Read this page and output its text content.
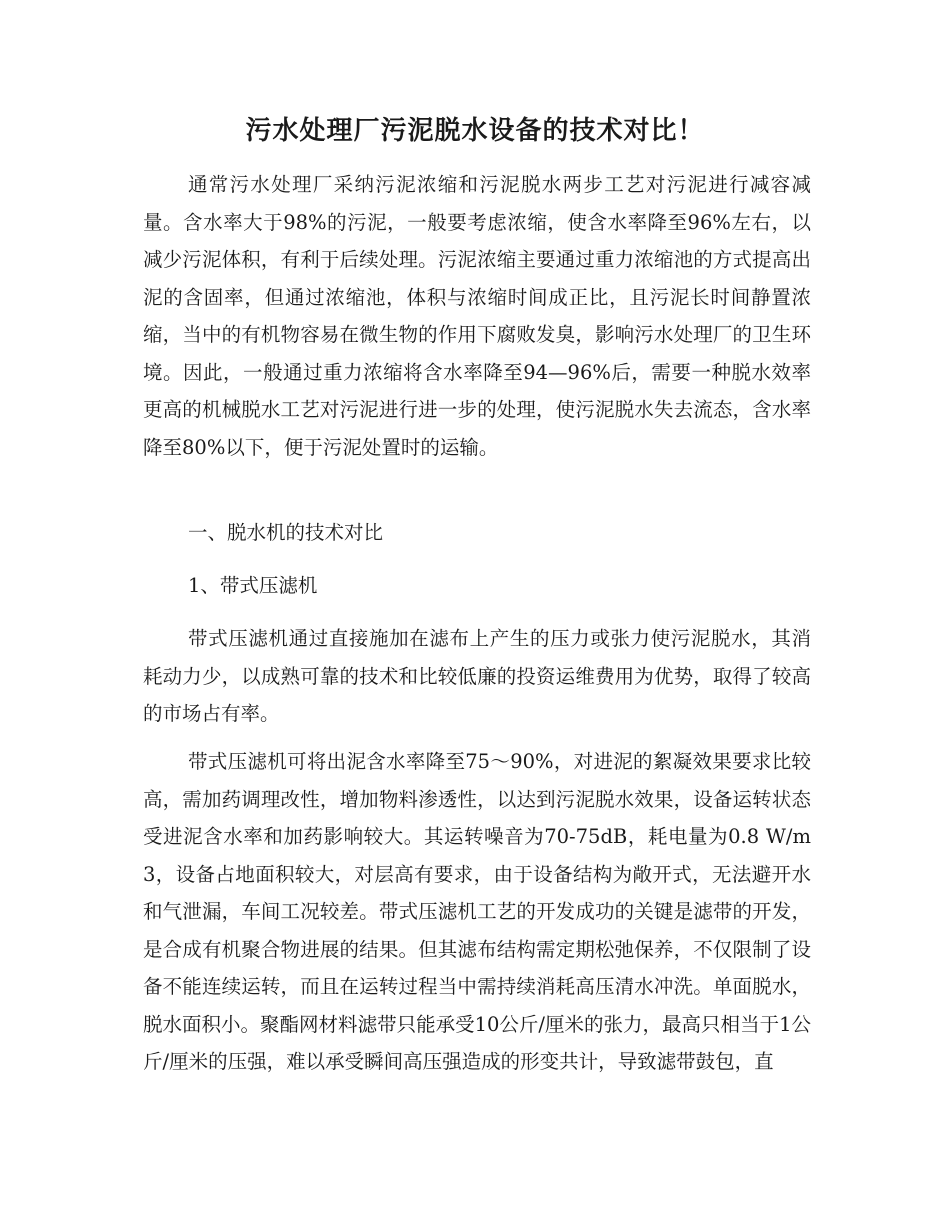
污水处理厂污泥脱水设备的技术对比！

通常污水处理厂采纳污泥浓缩和污泥脱水两步工艺对污泥进行减容减量。含水率大于98%的污泥，一般要考虑浓缩，使含水率降至96%左右，以减少污泥体积，有利于后续处理。污泥浓缩主要通过重力浓缩池的方式提高出泥的含固率，但通过浓缩池，体积与浓缩时间成正比，且污泥长时间静置浓缩，当中的有机物容易在微生物的作用下腐败发臭，影响污水处理厂的卫生环境。因此，一般通过重力浓缩将含水率降至94—96%后，需要一种脱水效率更高的机械脱水工艺对污泥进行进一步的处理，使污泥脱水失去流态，含水率降至80%以下，便于污泥处置时的运输。

一、脱水机的技术对比

1、带式压滤机

带式压滤机通过直接施加在滤布上产生的压力或张力使污泥脱水，其消耗动力少，以成熟可靠的技术和比较低廉的投资运维费用为优势，取得了较高的市场占有率。

带式压滤机可将出泥含水率降至75～90%，对进泥的絮凝效果要求比较高，需加药调理改性，增加物料渗透性，以达到污泥脱水效果，设备运转状态受进泥含水率和加药影响较大。其运转噪音为70-75dB，耗电量为0.8 W/m3，设备占地面积较大，对层高有要求，由于设备结构为敞开式，无法避开水和气泄漏，车间工况较差。带式压滤机工艺的开发成功的关键是滤带的开发，是合成有机聚合物进展的结果。但其滤布结构需定期松弛保养，不仅限制了设备不能连续运转，而且在运转过程当中需持续消耗高压清水冲洗。单面脱水，脱水面积小。聚酯网材料滤带只能承受10公斤/厘米的张力，最高只相当于1公斤/厘米的压强，难以承受瞬间高压强造成的形变共计，导致滤带鼓包，直
